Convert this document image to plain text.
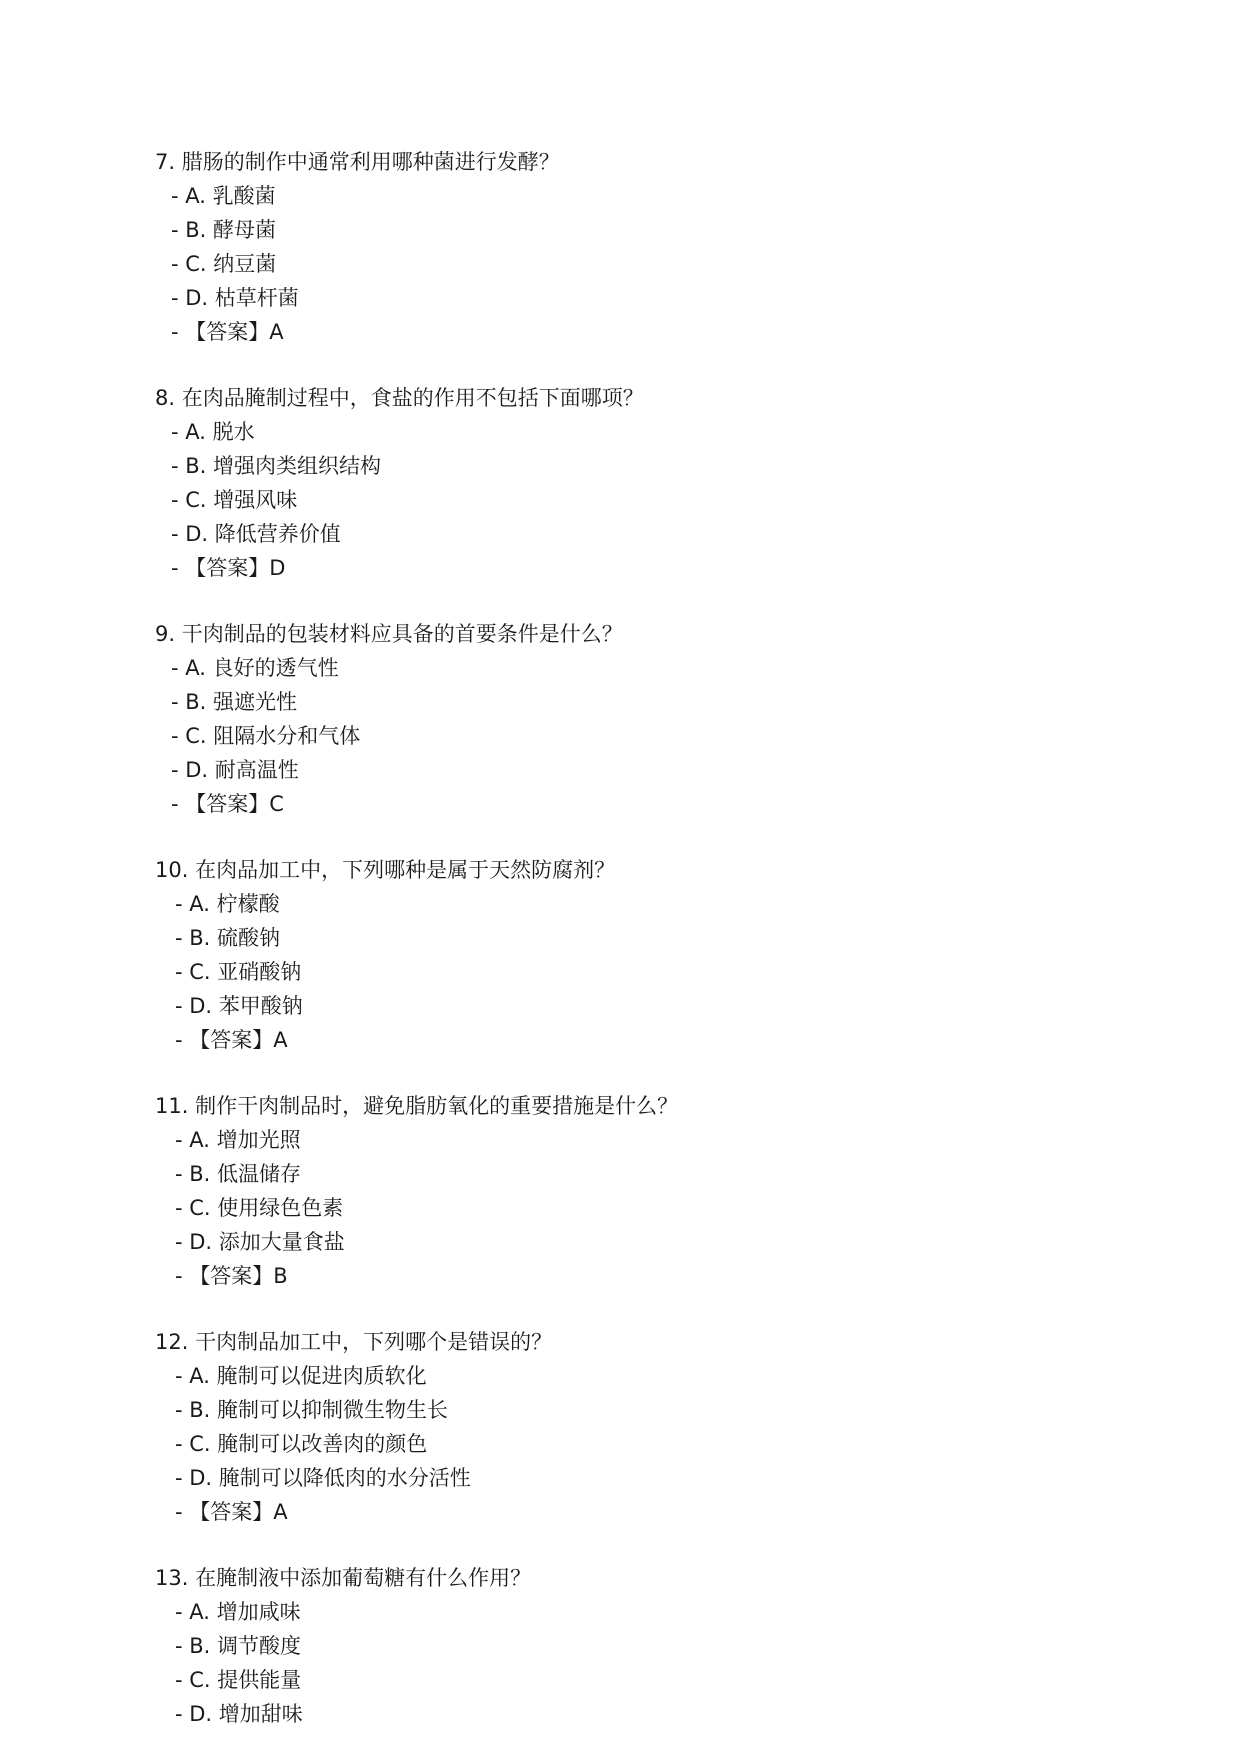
7. 腊肠的制作中通常利用哪种菌进行发酵？
- A. 乳酸菌
- B. 酵母菌
- C. 纳豆菌
- D. 枯草杆菌
- 【答案】A
8. 在肉品腌制过程中，食盐的作用不包括下面哪项？
- A. 脱水
- B. 增强肉类组织结构
- C. 增强风味
- D. 降低营养价值
- 【答案】D
9. 干肉制品的包装材料应具备的首要条件是什么？
- A. 良好的透气性
- B. 强遮光性
- C. 阻隔水分和气体
- D. 耐高温性
- 【答案】C
10. 在肉品加工中，下列哪种是属于天然防腐剂？
- A. 柠檬酸
- B. 硫酸钠
- C. 亚硝酸钠
- D. 苯甲酸钠
- 【答案】A
11. 制作干肉制品时，避免脂肪氧化的重要措施是什么？
- A. 增加光照
- B. 低温储存
- C. 使用绿色色素
- D. 添加大量食盐
- 【答案】B
12. 干肉制品加工中，下列哪个是错误的？
- A. 腌制可以促进肉质软化
- B. 腌制可以抑制微生物生长
- C. 腌制可以改善肉的颜色
- D. 腌制可以降低肉的水分活性
- 【答案】A
13. 在腌制液中添加葡萄糖有什么作用？
- A. 增加咸味
- B. 调节酸度
- C. 提供能量
- D. 增加甜味
